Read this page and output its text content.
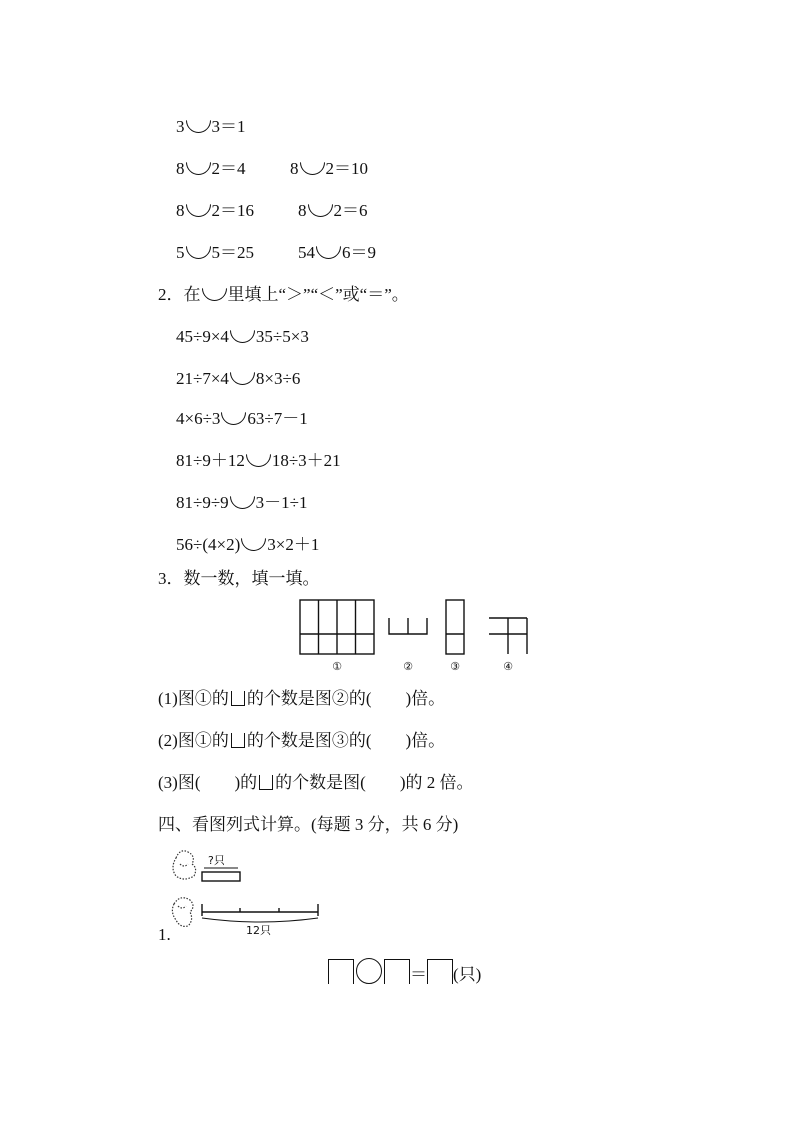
3 3＝1
8 2＝4	8 2＝10
8 2＝16	8 2＝6
5 5＝25	54 6＝9
2．在 里填上“＞”“＜”或“＝”。
45÷9×4 35÷5×3
21÷7×4 8×3÷6
4×6÷3 63÷7－1
81÷9＋12 18÷3＋21
81÷9÷9 3－1÷1
56÷(4×2) 3×2＋1
3．数一数，填一填。
①	②	③	④
(1)图①的 的个数是图②的(　　)倍。
(2)图①的 的个数是图③的(　　)倍。
(3)图(　　)的 的个数是图(　　)的 2 倍。
四、看图列式计算。(每题 3 分，共 6 分)
?只
12只
1.
＝ (只)
